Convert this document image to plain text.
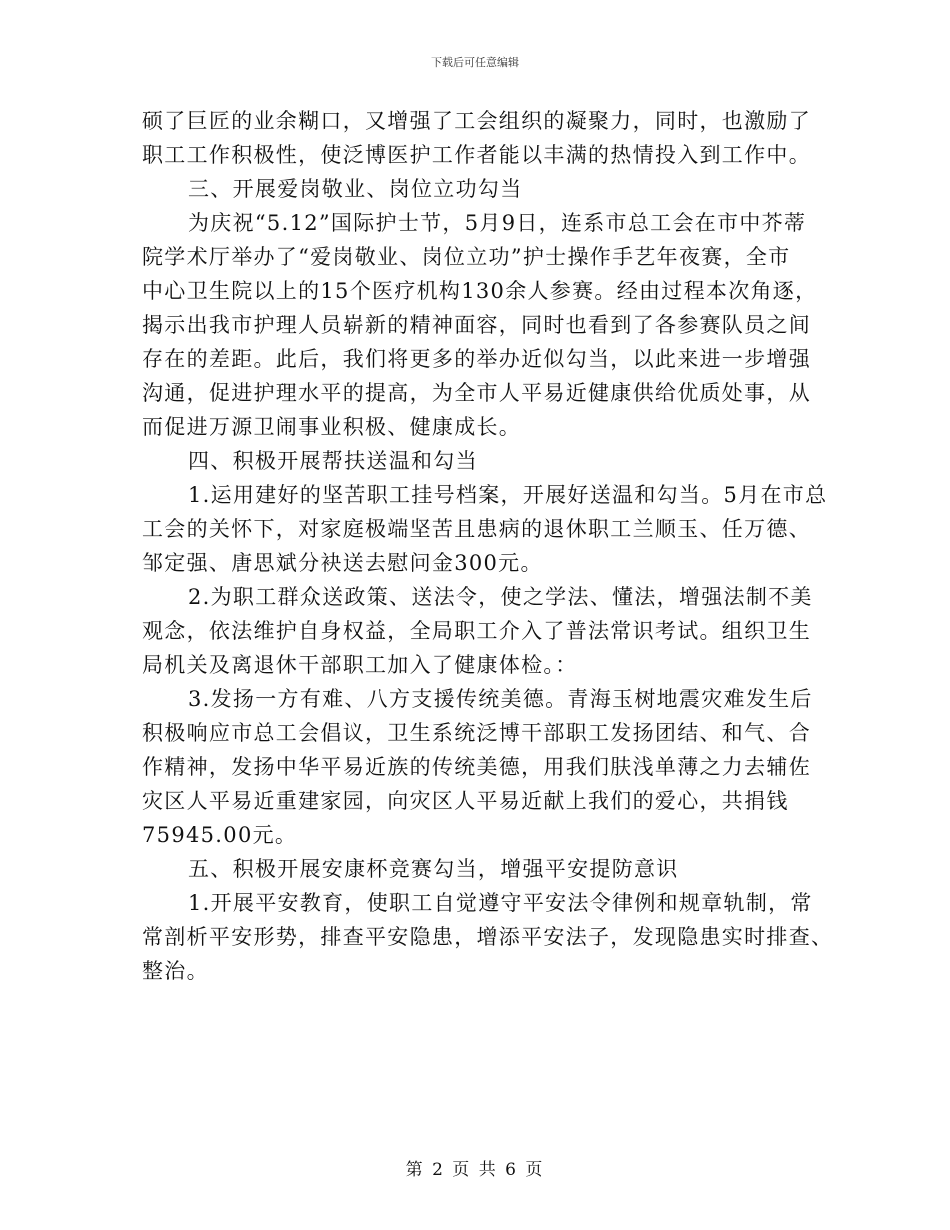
下载后可任意编辑
硕了巨匠的业余糊口，又增强了工会组织的凝聚力，同时，也激励了
职工工作积极性，使泛博医护工作者能以丰满的热情投入到工作中。
三、开展爱岗敬业、岗位立功勾当
为庆祝“5.12”国际护士节，5月9日，连系市总工会在市中芥蒂
院学术厅举办了“爱岗敬业、岗位立功”护士操作手艺年夜赛，全市
中心卫生院以上的15个医疗机构130余人参赛。经由过程本次角逐，
揭示出我市护理人员崭新的精神面容，同时也看到了各参赛队员之间
存在的差距。此后，我们将更多的举办近似勾当，以此来进一步增强
沟通，促进护理水平的提高，为全市人平易近健康供给优质处事，从
而促进万源卫闹事业积极、健康成长。
四、积极开展帮扶送温和勾当
1.运用建好的坚苦职工挂号档案，开展好送温和勾当。5月在市总
工会的关怀下，对家庭极端坚苦且患病的退休职工兰顺玉、任万德、
邹定强、唐思斌分袂送去慰问金300元。
2.为职工群众送政策、送法令，使之学法、懂法，增强法制不美
观念，依法维护自身权益，全局职工介入了普法常识考试。组织卫生
局机关及离退休干部职工加入了健康体检。：
3.发扬一方有难、八方支援传统美德。青海玉树地震灾难发生后
积极响应市总工会倡议，卫生系统泛博干部职工发扬团结、和气、合
作精神，发扬中华平易近族的传统美德，用我们肤浅单薄之力去辅佐
灾区人平易近重建家园，向灾区人平易近献上我们的爱心，共捐钱
75945.00元。
五、积极开展安康杯竞赛勾当，增强平安提防意识
1.开展平安教育，使职工自觉遵守平安法令律例和规章轨制，常
常剖析平安形势，排查平安隐患，增添平安法子，发现隐患实时排查、
整治。
第 2 页 共 6 页
